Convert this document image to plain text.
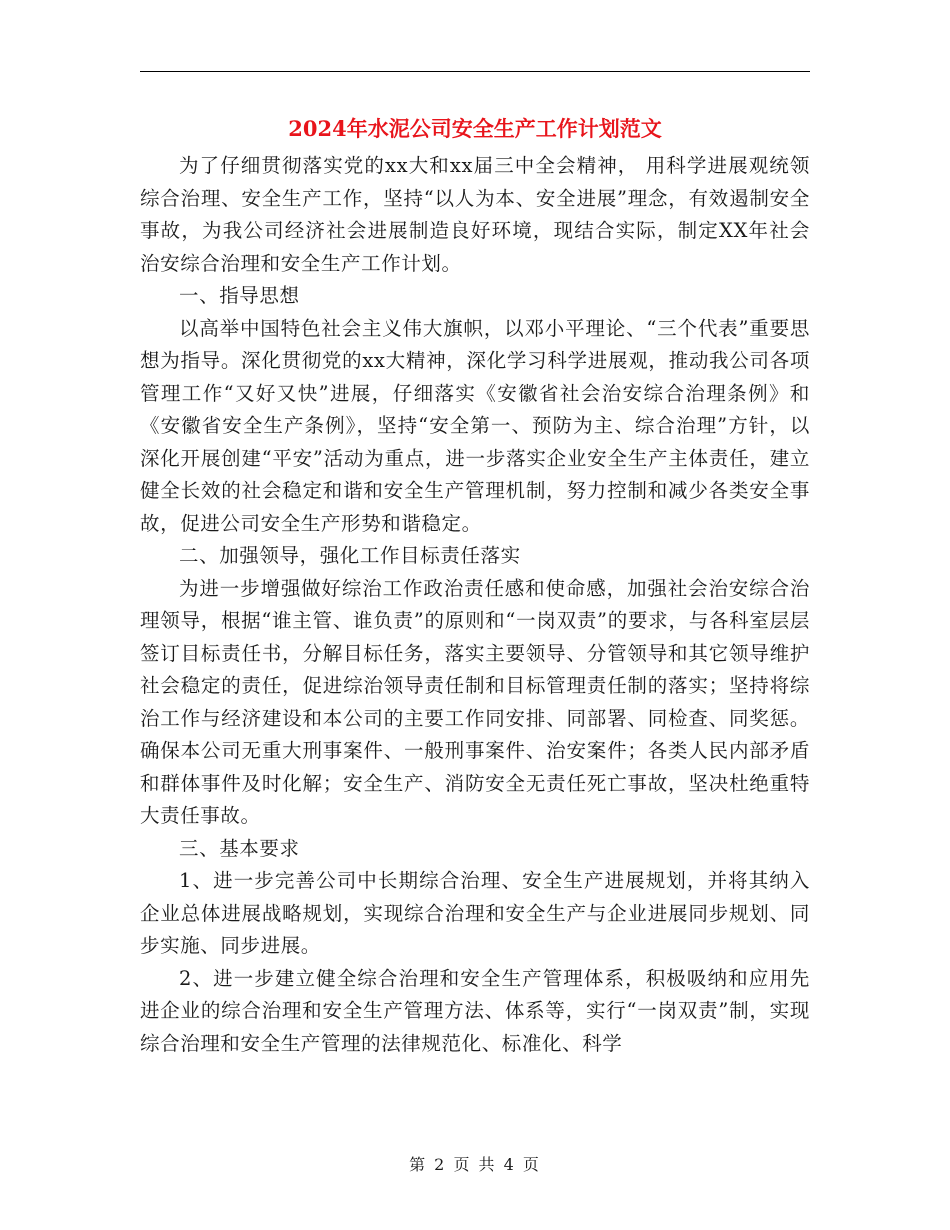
2024年水泥公司安全生产工作计划范文

为了仔细贯彻落实党的xx大和xx届三中全会精神， 用科学进展观统领综合治理、安全生产工作，坚持“以人为本、安全进展”理念，有效遏制安全事故，为我公司经济社会进展制造良好环境，现结合实际，制定XX年社会治安综合治理和安全生产工作计划。

一、指导思想

以高举中国特色社会主义伟大旗帜，以邓小平理论、“三个代表”重要思想为指导。深化贯彻党的xx大精神，深化学习科学进展观，推动我公司各项管理工作“又好又快”进展，仔细落实《安徽省社会治安综合治理条例》和《安徽省安全生产条例》，坚持“安全第一、预防为主、综合治理”方针，以深化开展创建“平安”活动为重点，进一步落实企业安全生产主体责任，建立健全长效的社会稳定和谐和安全生产管理机制，努力控制和减少各类安全事故，促进公司安全生产形势和谐稳定。

二、加强领导，强化工作目标责任落实

为进一步增强做好综治工作政治责任感和使命感，加强社会治安综合治理领导，根据“谁主管、谁负责”的原则和“一岗双责”的要求，与各科室层层签订目标责任书，分解目标任务，落实主要领导、分管领导和其它领导维护社会稳定的责任，促进综治领导责任制和目标管理责任制的落实；坚持将综治工作与经济建设和本公司的主要工作同安排、同部署、同检查、同奖惩。确保本公司无重大刑事案件、一般刑事案件、治安案件；各类人民内部矛盾和群体事件及时化解；安全生产、消防安全无责任死亡事故，坚决杜绝重特大责任事故。

三、基本要求

1、进一步完善公司中长期综合治理、安全生产进展规划，并将其纳入企业总体进展战略规划，实现综合治理和安全生产与企业进展同步规划、同步实施、同步进展。

2、进一步建立健全综合治理和安全生产管理体系，积极吸纳和应用先进企业的综合治理和安全生产管理方法、体系等，实行“一岗双责”制，实现综合治理和安全生产管理的法律规范化、标准化、科学

第 2 页 共 4 页
